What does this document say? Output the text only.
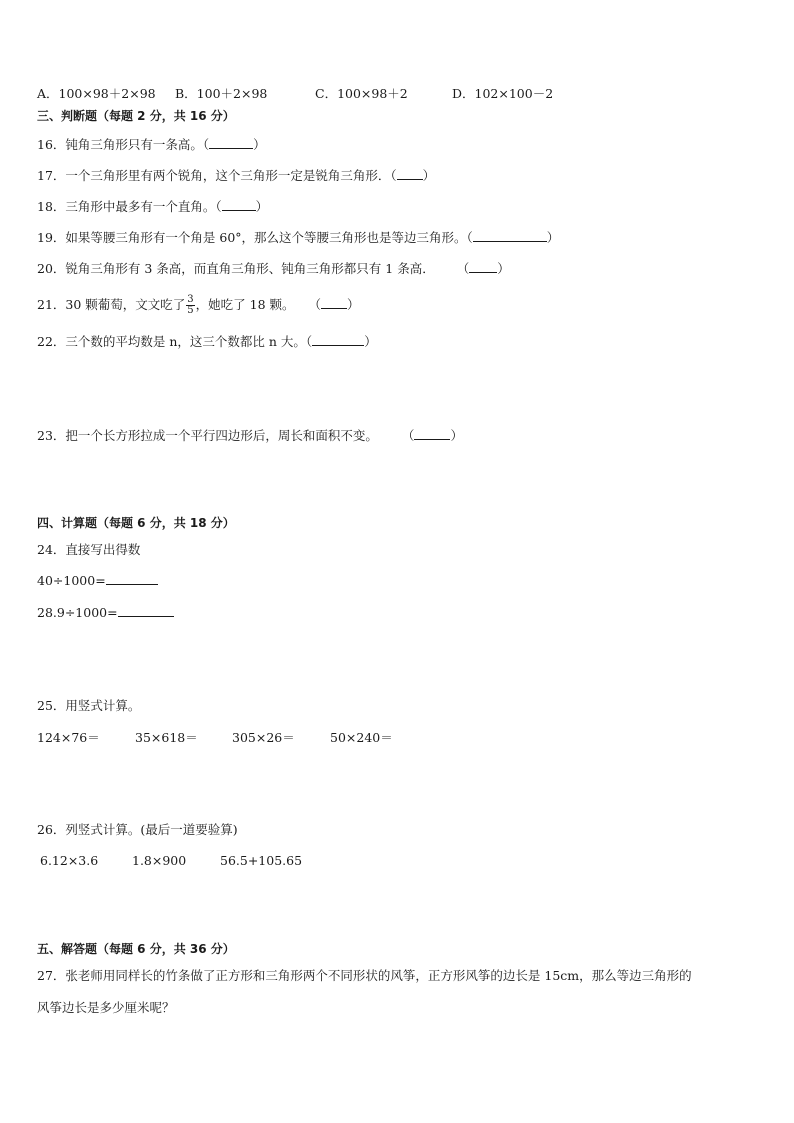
A．100×98＋2×98 B．100＋2×98	C．100×98＋2	D．102×100－2
三、判断题（每题 2 分，共 16 分）
16．钝角三角形只有一条高。（	）
17．一个三角形里有两个锐角，这个三角形一定是锐角三角形．（ ）
18．三角形中最多有一个直角。（	）
19．如果等腰三角形有一个角是 60°，那么这个等腰三角形也是等边三角形。（	）
20．锐角三角形有 3 条高，而直角三角形、钝角三角形都只有 1 条高． （ ）
21．30 颗葡萄，文文吃了 $\frac{3}{5}$ ，她吃了 18 颗。 （ ）
22．三个数的平均数是 n，这三个数都比 n 大。（	）
23．把一个长方形拉成一个平行四边形后，周长和面积不变。 （	）
四、计算题（每题 6 分，共 18 分）
24．直接写出得数
40÷1000=
28.9÷1000=
25．用竖式计算。
124×76＝	35×618＝	305×26＝	50×240＝
26．列竖式计算。(最后一道要验算)
6.12×3.6	1.8×900	56.5+105.65
五、解答题（每题 6 分，共 36 分）
27．张老师用同样长的竹条做了正方形和三角形两个不同形状的风筝，正方形风筝的边长是 15cm，那么等边三角形的
风筝边长是多少厘米呢？
